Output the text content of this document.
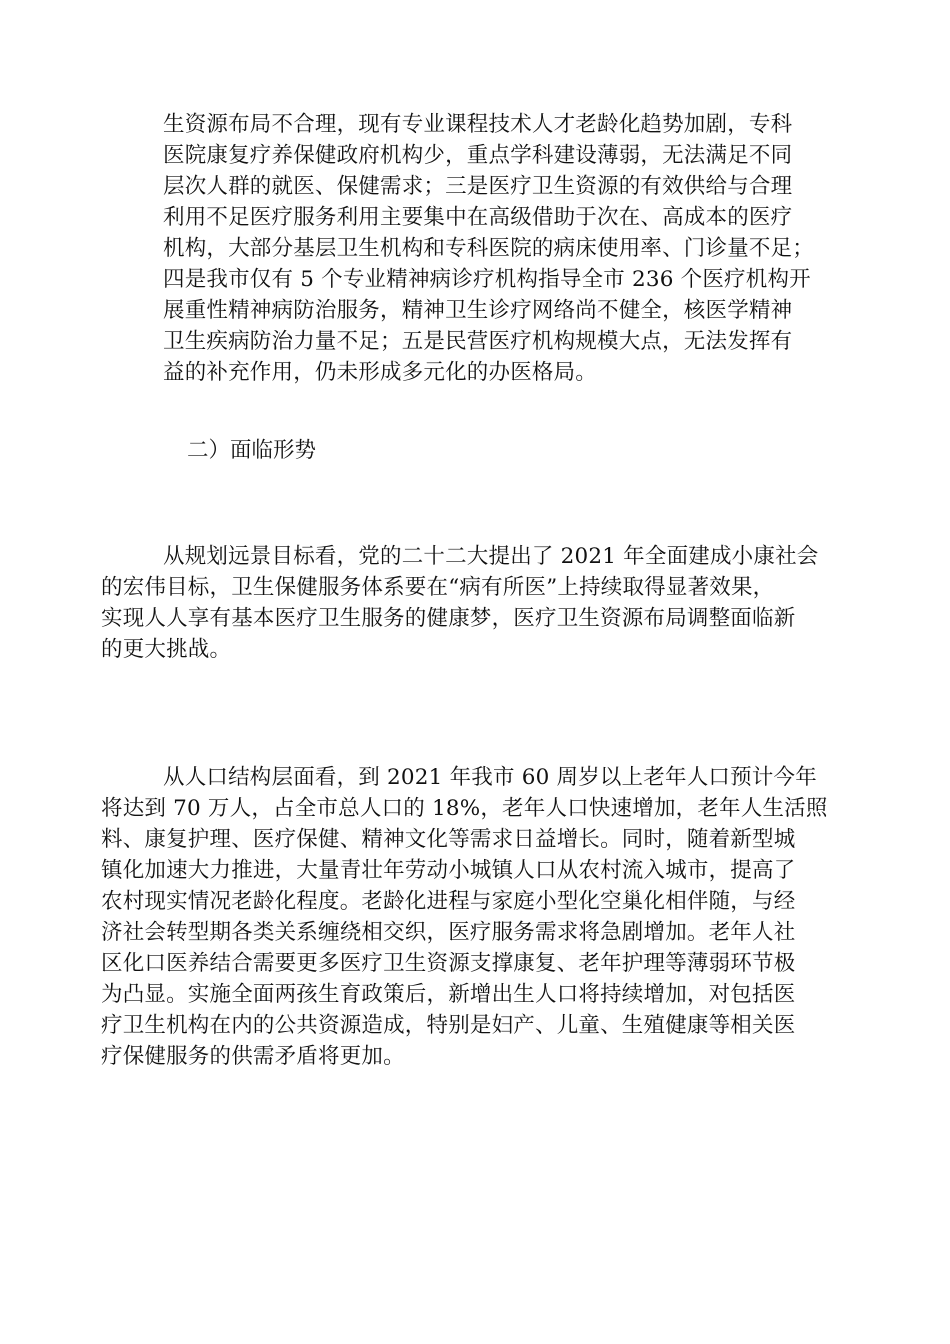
生资源布局不合理，现有专业课程技术人才老龄化趋势加剧，专科
医院康复疗养保健政府机构少，重点学科建设薄弱，无法满足不同
层次人群的就医、保健需求；三是医疗卫生资源的有效供给与合理
利用不足医疗服务利用主要集中在高级借助于次在、高成本的医疗
机构，大部分基层卫生机构和专科医院的病床使用率、门诊量不足；
四是我市仅有 5 个专业精神病诊疗机构指导全市 236 个医疗机构开
展重性精神病防治服务，精神卫生诊疗网络尚不健全，核医学精神
卫生疾病防治力量不足；五是民营医疗机构规模大点，无法发挥有
益的补充作用，仍未形成多元化的办医格局。
二）面临形势
从规划远景目标看，党的二十二大提出了 2021 年全面建成小康社会
的宏伟目标，卫生保健服务体系要在“病有所医”上持续取得显著效果，
实现人人享有基本医疗卫生服务的健康梦，医疗卫生资源布局调整面临新
的更大挑战。
从人口结构层面看，到 2021 年我市 60 周岁以上老年人口预计今年
将达到 70 万人，占全市总人口的 18%，老年人口快速增加，老年人生活照
料、康复护理、医疗保健、精神文化等需求日益增长。同时，随着新型城
镇化加速大力推进，大量青壮年劳动小城镇人口从农村流入城市，提高了
农村现实情况老龄化程度。老龄化进程与家庭小型化空巢化相伴随，与经
济社会转型期各类关系缠绕相交织，医疗服务需求将急剧增加。老年人社
区化口医养结合需要更多医疗卫生资源支撑康复、老年护理等薄弱环节极
为凸显。实施全面两孩生育政策后，新增出生人口将持续增加，对包括医
疗卫生机构在内的公共资源造成，特别是妇产、儿童、生殖健康等相关医
疗保健服务的供需矛盾将更加。
